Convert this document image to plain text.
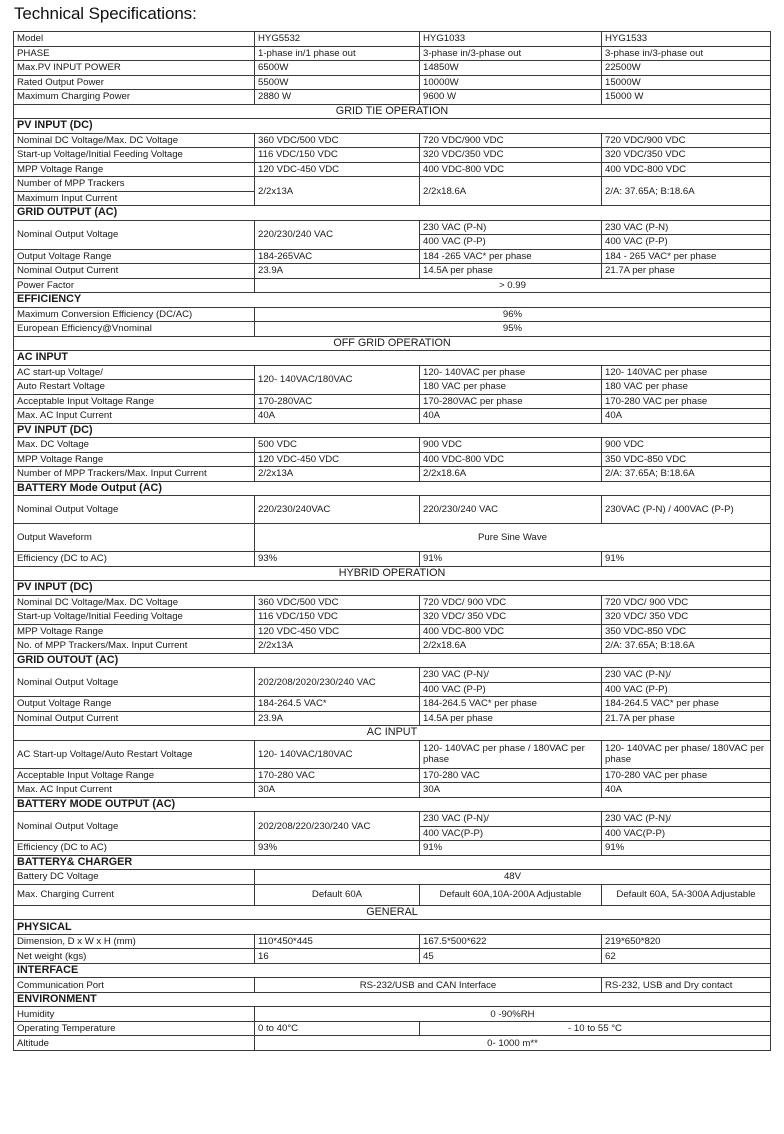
Technical Specifications:
Model	HYG5532	HYG1033	HYG1533
PHASE	1-phase in/1 phase out	3-phase in/3-phase out	3-phase in/3-phase out
Max.PV INPUT POWER	6500W	14850W	22500W
Rated Output Power	5500W	10000W	15000W
Maximum Charging Power	2880 W	9600 W	15000 W
GRID TIE OPERATION			
PV INPUT (DC)			
Nominal DC Voltage/Max. DC Voltage	360 VDC/500 VDC	720 VDC/900 VDC	720 VDC/900 VDC
Start-up Voltage/Initial Feeding Voltage	116 VDC/150 VDC	320 VDC/350 VDC	320 VDC/350 VDC
MPP Voltage Range	120 VDC-450 VDC	400 VDC-800 VDC	400 VDC-800 VDC
Number of MPP Trackers	2/2x13A	2/2x18.6A	2/A: 37.65A; B:18.6A
Maximum Input Current			
GRID OUTPUT (AC)			
Nominal Output Voltage	220/230/240 VAC	230 VAC (P-N)	230 VAC (P-N)
		400 VAC (P-P)	400 VAC (P-P)
Output Voltage Range	184-265VAC	184 -265 VAC* per phase	184 - 265 VAC* per phase
Nominal Output Current	23.9A	14.5A per phase	21.7A per phase
Power Factor	> 0.99		
EFFICIENCY			
Maximum Conversion Efficiency (DC/AC)	96%		
European Efficiency@Vnominal	95%		
OFF GRID OPERATION			
AC INPUT			
AC start-up Voltage/	120- 140VAC/180VAC	120- 140VAC per phase	120- 140VAC per phase
Auto Restart Voltage		180 VAC per phase	180 VAC per phase
Acceptable Input Voltage Range	170-280VAC	170-280VAC per phase	170-280 VAC per phase
Max. AC Input Current	40A	40A	40A
PV INPUT (DC)			
Max. DC Voltage	500 VDC	900 VDC	900 VDC
MPP Voltage Range	120 VDC-450 VDC	400 VDC-800 VDC	350 VDC-850 VDC
Number of MPP Trackers/Max. Input Current	2/2x13A	2/2x18.6A	2/A: 37.65A; B:18.6A
BATTERY Mode Output (AC)			
Nominal Output Voltage	220/230/240VAC	220/230/240 VAC	230VAC (P-N) / 400VAC (P-P)
Output Waveform	Pure Sine Wave		
Efficiency (DC to AC)	93%	91%	91%
HYBRID OPERATION			
PV INPUT (DC)			
Nominal DC Voltage/Max. DC Voltage	360 VDC/500 VDC	720 VDC/ 900 VDC	720 VDC/ 900 VDC
Start-up Voltage/Initial Feeding Voltage	116 VDC/150 VDC	320 VDC/ 350 VDC	320 VDC/ 350 VDC
MPP Voltage Range	120 VDC-450 VDC	400 VDC-800 VDC	350 VDC-850 VDC
No. of MPP Trackers/Max. Input Current	2/2x13A	2/2x18.6A	2/A: 37.65A; B:18.6A
GRID OUTOUT (AC)			
Nominal Output Voltage	202/208/2020/230/240 VAC	230 VAC (P-N)/	230 VAC (P-N)/
		400 VAC (P-P)	400 VAC (P-P)
Output Voltage Range	184-264.5 VAC*	184-264.5 VAC* per phase	184-264.5 VAC* per phase
Nominal Output Current	23.9A	14.5A per phase	21.7A per phase
AC INPUT			
AC Start-up Voltage/Auto Restart Voltage	120- 140VAC/180VAC	120- 140VAC per phase / 180VAC per phase	120- 140VAC per phase/ 180VAC per phase
Acceptable Input Voltage Range	170-280 VAC	170-280 VAC	170-280 VAC per phase
Max. AC Input Current	30A	30A	40A
BATTERY MODE OUTPUT (AC)			
Nominal Output Voltage	202/208/220/230/240 VAC	230 VAC (P-N)/	230 VAC (P-N)/
		400 VAC(P-P)	400 VAC(P-P)
Efficiency (DC to AC)	93%	91%	91%
BATTERY& CHARGER			
Battery DC Voltage	48V		
Max. Charging Current	Default 60A	Default 60A,10A-200A Adjustable	Default 60A, 5A-300A Adjustable
GENERAL			
PHYSICAL			
Dimension, D x W x H (mm)	110*450*445	167.5*500*622	219*650*820
Net weight (kgs)	16	45	62
INTERFACE			
Communication Port	RS-232/USB and CAN Interface		RS-232, USB and Dry contact
ENVIRONMENT			
Humidity	0 -90%RH		
Operating Temperature	0 to 40°C	- 10 to 55 °C	
Altitude	0- 1000 m**		
